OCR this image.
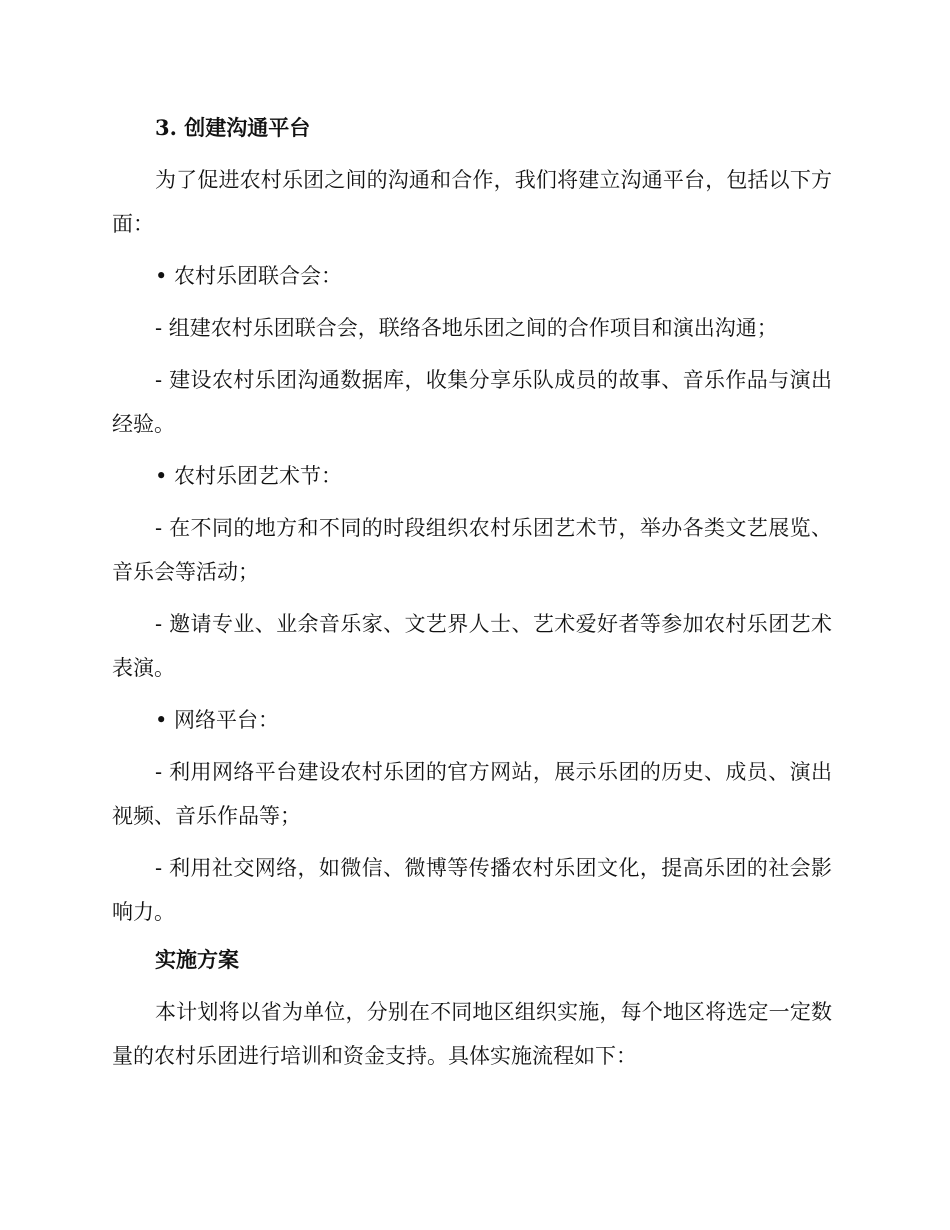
3. 创建沟通平台
为了促进农村乐团之间的沟通和合作，我们将建立沟通平台，包括以下方面：
• 农村乐团联合会：
- 组建农村乐团联合会，联络各地乐团之间的合作项目和演出沟通；
- 建设农村乐团沟通数据库，收集分享乐队成员的故事、音乐作品与演出经验。
• 农村乐团艺术节：
- 在不同的地方和不同的时段组织农村乐团艺术节，举办各类文艺展览、音乐会等活动；
- 邀请专业、业余音乐家、文艺界人士、艺术爱好者等参加农村乐团艺术表演。
• 网络平台：
- 利用网络平台建设农村乐团的官方网站，展示乐团的历史、成员、演出视频、音乐作品等；
- 利用社交网络，如微信、微博等传播农村乐团文化，提高乐团的社会影响力。
实施方案
本计划将以省为单位，分别在不同地区组织实施，每个地区将选定一定数量的农村乐团进行培训和资金支持。具体实施流程如下：
